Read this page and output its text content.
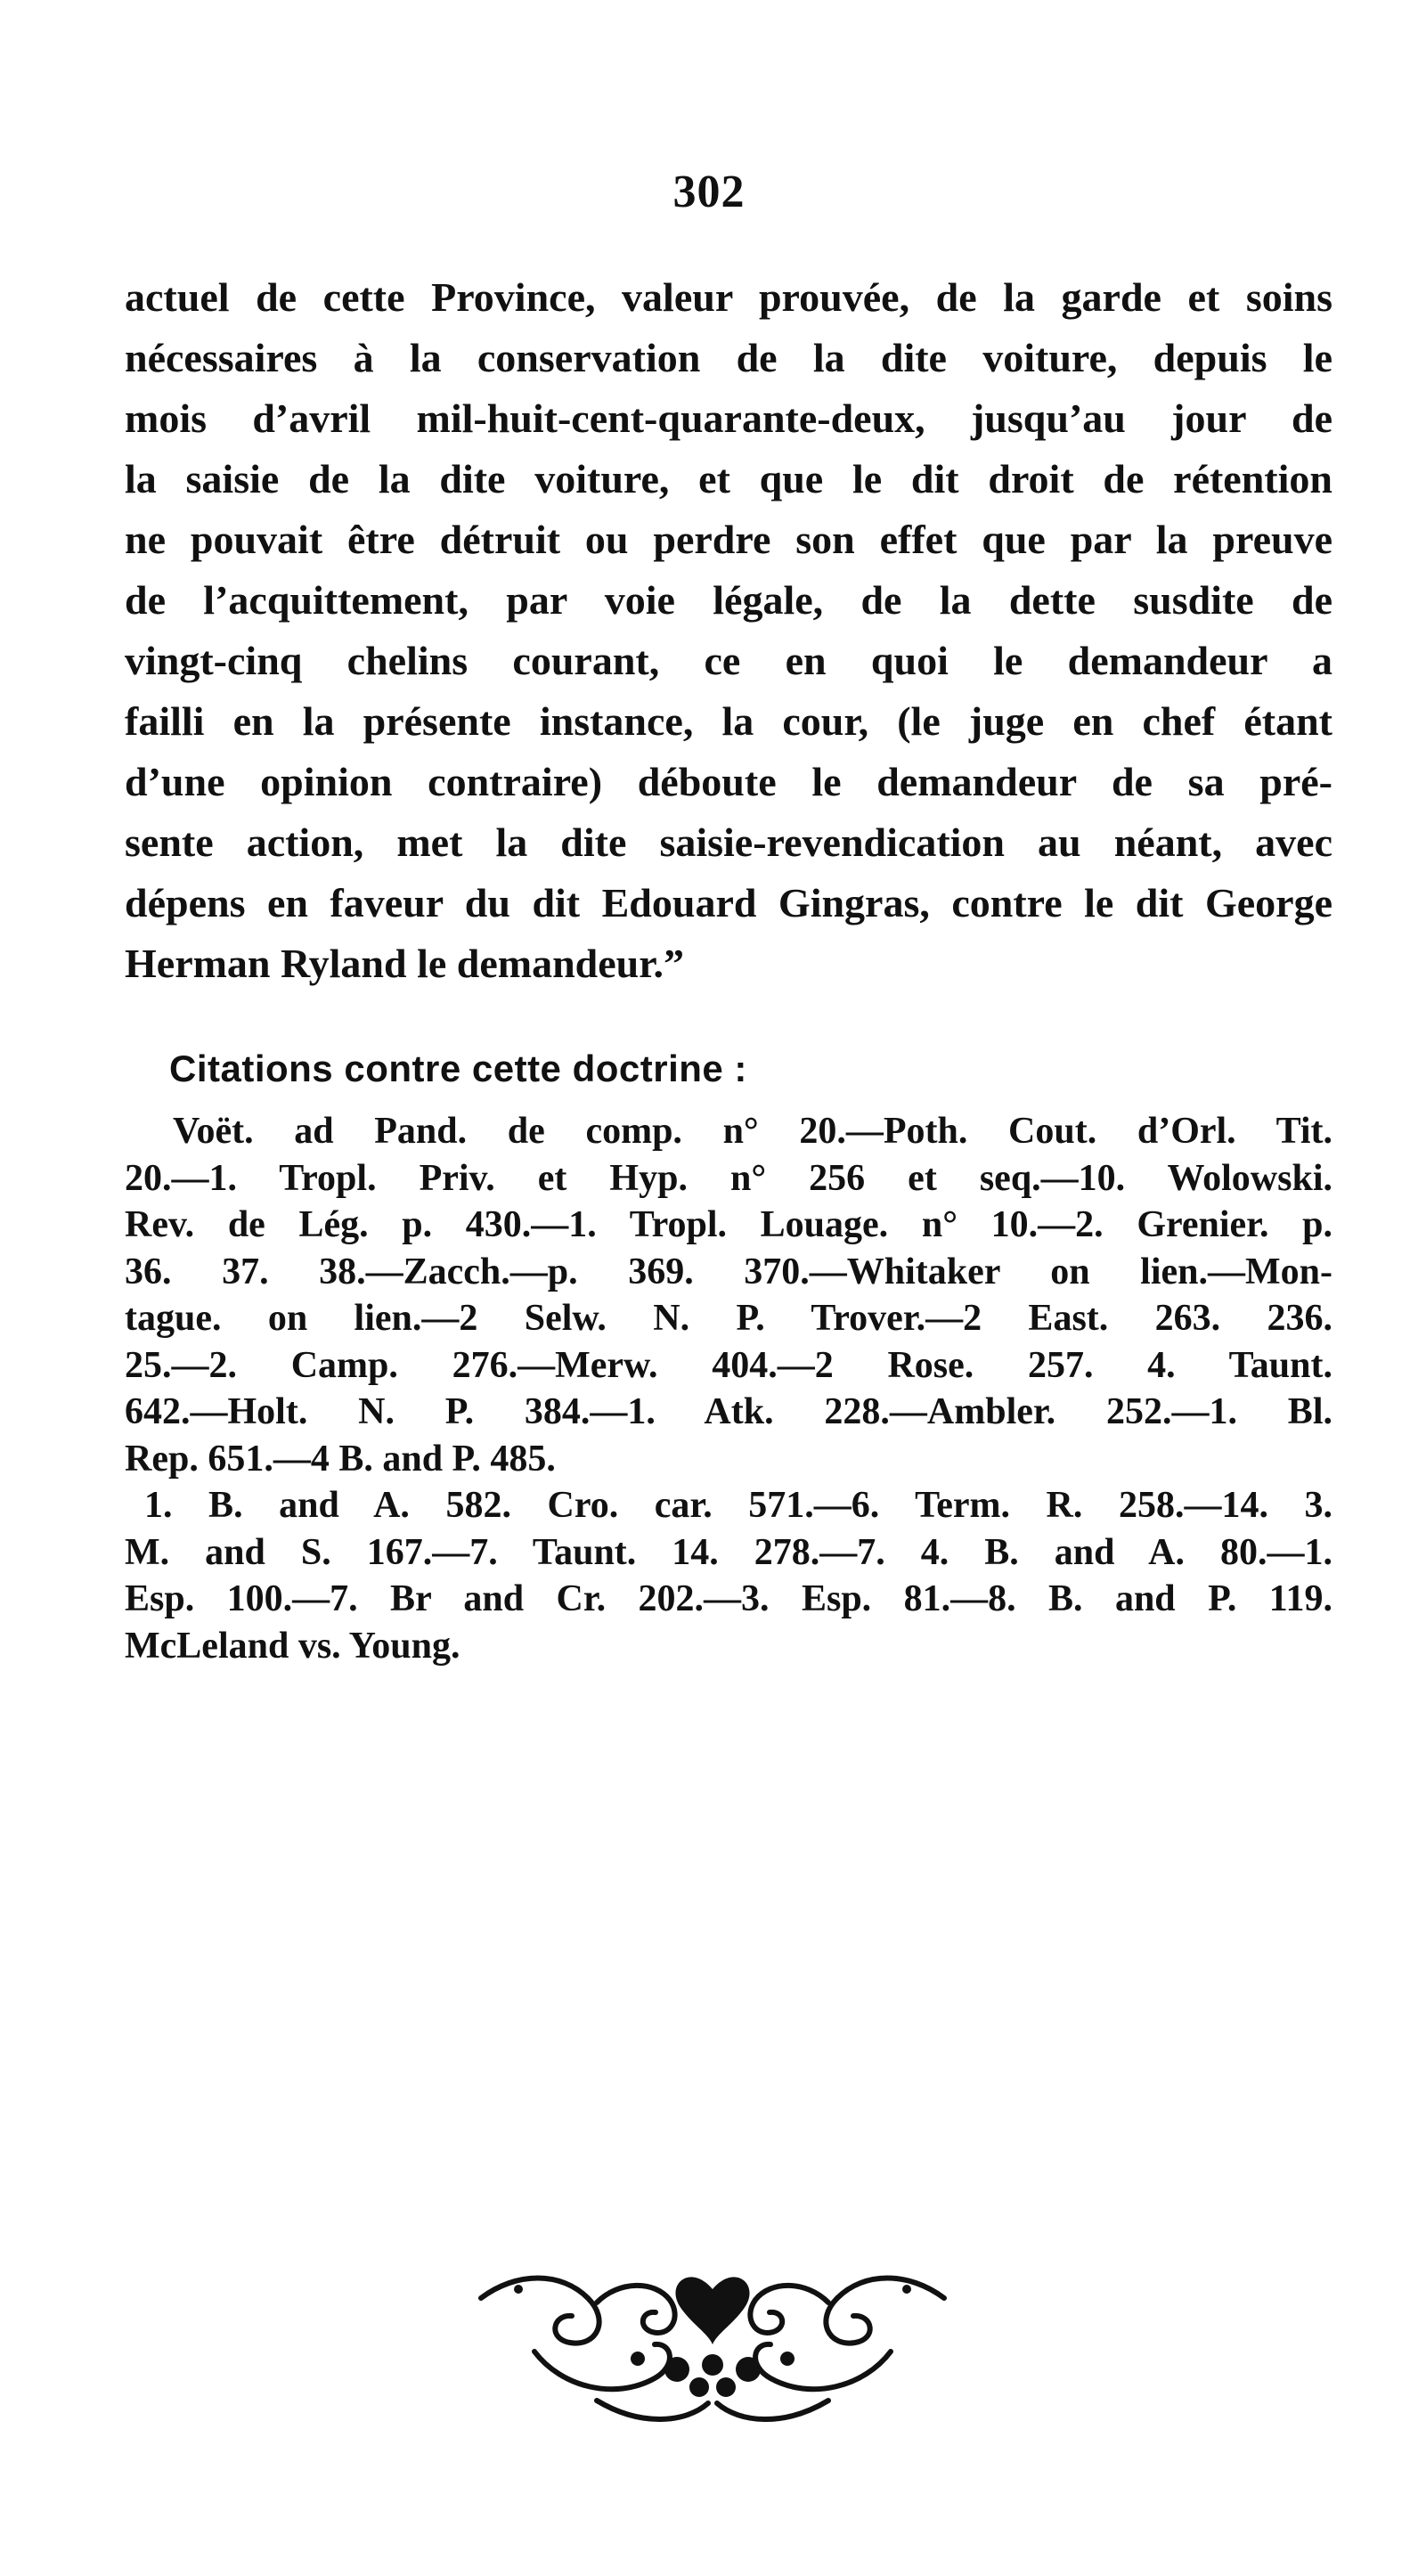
302
actuel de cette Province, valeur prouvée, de la garde et soins
nécessaires à la conservation de la dite voiture, depuis le
mois d’avril mil-huit-cent-quarante-deux, jusqu’au jour de
la saisie de la dite voiture, et que le dit droit de rétention
ne pouvait être détruit ou perdre son effet que par la preuve
de l’acquittement, par voie légale, de la dette susdite de
vingt-cinq chelins courant, ce en quoi le demandeur a
failli en la présente instance, la cour, (le juge en chef étant
d’une opinion contraire) déboute le demandeur de sa pré-
sente action, met la dite saisie-revendication au néant, avec
dépens en faveur du dit Edouard Gingras, contre le dit George
Herman Ryland le demandeur.”
Citations contre cette doctrine :
Voët. ad Pand. de comp. n° 20.—Poth. Cout. d’Orl. Tit.
20.—1. Tropl. Priv. et Hyp. n° 256 et seq.—10. Wolowski.
Rev. de Lég. p. 430.—1. Tropl. Louage. n° 10.—2. Grenier. p.
36. 37. 38.—Zacch.—p. 369. 370.—Whitaker on lien.—Mon-
tague. on lien.—2 Selw. N. P. Trover.—2 East. 263. 236.
25.—2. Camp. 276.—Merw. 404.—2 Rose. 257. 4. Taunt.
642.—Holt. N. P. 384.—1. Atk. 228.—Ambler. 252.—1. Bl.
Rep. 651.—4 B. and P. 485.
1. B. and A. 582. Cro. car. 571.—6. Term. R. 258.—14. 3.
M. and S. 167.—7. Taunt. 14. 278.—7. 4. B. and A. 80.—1.
Esp. 100.—7. Br and Cr. 202.—3. Esp. 81.—8. B. and P. 119.
McLeland vs. Young.
